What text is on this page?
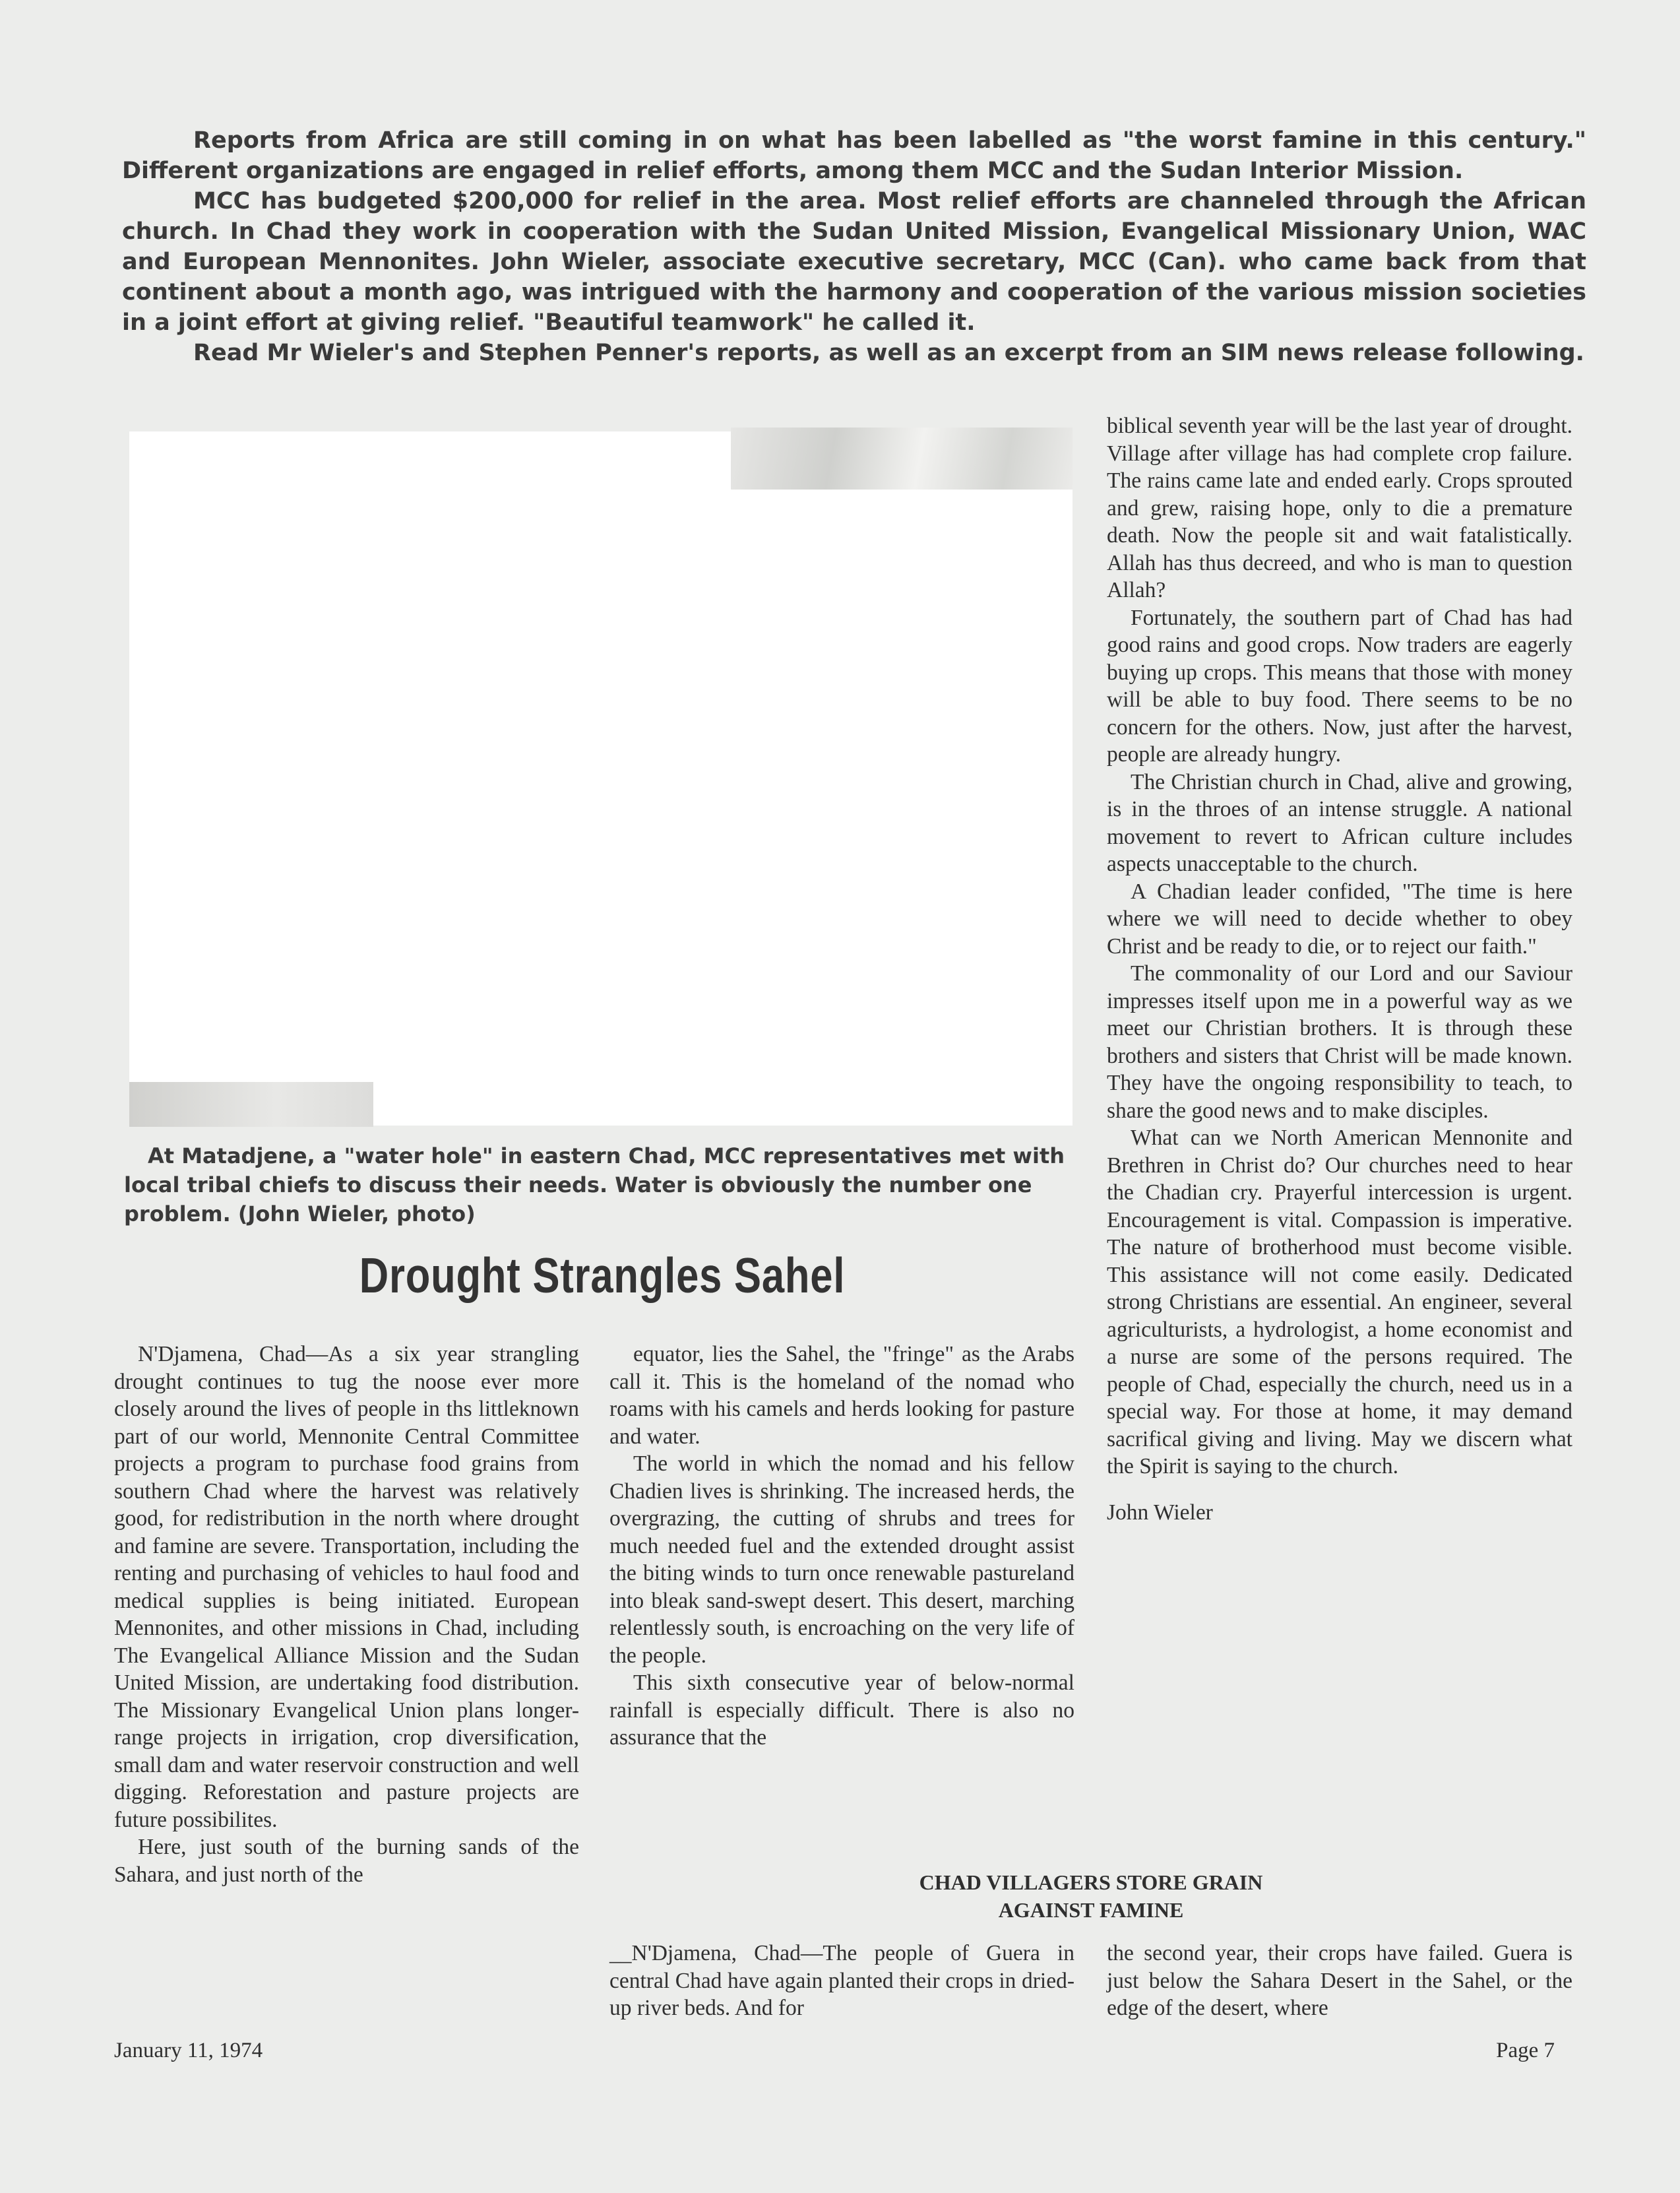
Reports from Africa are still coming in on what has been labelled as "the worst famine in this century." Different organizations are engaged in relief efforts, among them MCC and the Sudan Interior Mission.

MCC has budgeted $200,000 for relief in the area. Most relief efforts are channeled through the African church. In Chad they work in cooperation with the Sudan United Mission, Evangelical Missionary Union, WAC and European Mennonites. John Wieler, associate executive secretary, MCC (Can). who came back from that continent about a month ago, was intrigued with the harmony and cooperation of the various mission societies in a joint effort at giving relief. "Beautiful teamwork" he called it.

Read Mr Wieler's and Stephen Penner's reports, as well as an excerpt from an SIM news release following.

At Matadjene, a "water hole" in eastern Chad, MCC representatives met with local tribal chiefs to discuss their needs. Water is obviously the number one problem. (John Wieler, photo)

Drought Strangles Sahel

N'Djamena, Chad—As a six year strangling drought continues to tug the noose ever more closely around the lives of people in ths littleknown part of our world, Mennonite Central Committee projects a program to purchase food grains from southern Chad where the harvest was relatively good, for redistribution in the north where drought and famine are severe. Transportation, including the renting and purchasing of vehicles to haul food and medical supplies is being initiated. European Mennonites, and other missions in Chad, including The Evangelical Alliance Mission and the Sudan United Mission, are undertaking food distribution. The Missionary Evangelical Union plans longer-range projects in irrigation, crop diversification, small dam and water reservoir construction and well digging. Reforestation and pasture projects are future possibilites.

Here, just south of the burning sands of the Sahara, and just north of the

equator, lies the Sahel, the "fringe" as the Arabs call it. This is the homeland of the nomad who roams with his camels and herds looking for pasture and water.

The world in which the nomad and his fellow Chadien lives is shrinking. The increased herds, the overgrazing, the cutting of shrubs and trees for much needed fuel and the extended drought assist the biting winds to turn once renewable pastureland into bleak sand-swept desert. This desert, marching relentlessly south, is encroaching on the very life of the people.

This sixth consecutive year of below-normal rainfall is especially difficult. There is also no assurance that the

biblical seventh year will be the last year of drought. Village after village has had complete crop failure. The rains came late and ended early. Crops sprouted and grew, raising hope, only to die a premature death. Now the people sit and wait fatalistically. Allah has thus decreed, and who is man to question Allah?

Fortunately, the southern part of Chad has had good rains and good crops. Now traders are eagerly buying up crops. This means that those with money will be able to buy food. There seems to be no concern for the others. Now, just after the harvest, people are already hungry.

The Christian church in Chad, alive and growing, is in the throes of an intense struggle. A national movement to revert to African culture includes aspects unacceptable to the church.

A Chadian leader confided, "The time is here where we will need to decide whether to obey Christ and be ready to die, or to reject our faith."

The commonality of our Lord and our Saviour impresses itself upon me in a powerful way as we meet our Christian brothers. It is through these brothers and sisters that Christ will be made known. They have the ongoing responsibility to teach, to share the good news and to make disciples.

What can we North American Mennonite and Brethren in Christ do? Our churches need to hear the Chadian cry. Prayerful intercession is urgent. Encouragement is vital. Compassion is imperative. The nature of brotherhood must become visible. This assistance will not come easily. Dedicated strong Christians are essential. An engineer, several agriculturists, a hydrologist, a home economist and a nurse are some of the persons required. The people of Chad, especially the church, need us in a special way. For those at home, it may demand sacrifical giving and living. May we discern what the Spirit is saying to the church.

John Wieler

CHAD VILLAGERS STORE GRAIN
AGAINST FAMINE

__N'Djamena, Chad—The people of Guera in central Chad have again planted their crops in dried-up river beds. And for

the second year, their crops have failed. Guera is just below the Sahara Desert in the Sahel, or the edge of the desert, where

January 11, 1974	Page 7
